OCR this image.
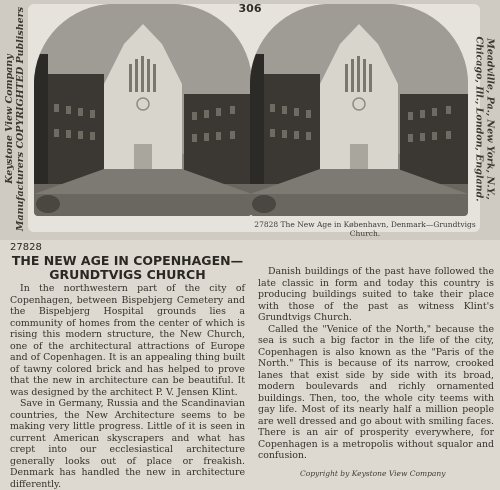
Keystone View Company Manufacturers COPYRIGHTED Publishers	306
27828 The New Age in København, Denmark—Grundtvigs Church.
Meadville, Pa., New York, N.Y.,
Chicago, Ill., London, England.
27828
THE NEW AGE IN COPENHAGEN—GRUNDTVIGS CHURCH

In the northwestern part of the city of Copenhagen, between Bispebjerg Cemetery and the Bispebjerg Hospital grounds lies a community of homes from the center of which is rising this modern structure, the New Church, one of the architectural attractions of Europe and of Copenhagen. It is an appealing thing built of tawny colored brick and has helped to prove that the new in architecture can be beautiful. It was designed by the architect P. V. Jensen Klint.

Save in Germany, Russia and the Scandinavian countries, the New Architecture seems to be making very little progress. Little of it is seen in current American skyscrapers and what has crept into our ecclesiastical architecture generally looks out of place or freakish. Denmark has handled the new in architecture differently.

Danish buildings of the past have followed the late classic in form and today this country is producing buildings suited to take their place with those of the past as witness Klint's Grundtvigs Church.

Called the "Venice of the North," because the sea is such a big factor in the life of the city, Copenhagen is also known as the "Paris of the North." This is because of its narrow, crooked lanes that exist side by side with its broad, modern boulevards and richly ornamented buildings. Then, too, the whole city teems with gay life. Most of its nearly half a million people are well dressed and go about with smiling faces. There is an air of prosperity everywhere, for Copenhagen is a metropolis without squalor and confusion.

Copyright by Keystone View Company
